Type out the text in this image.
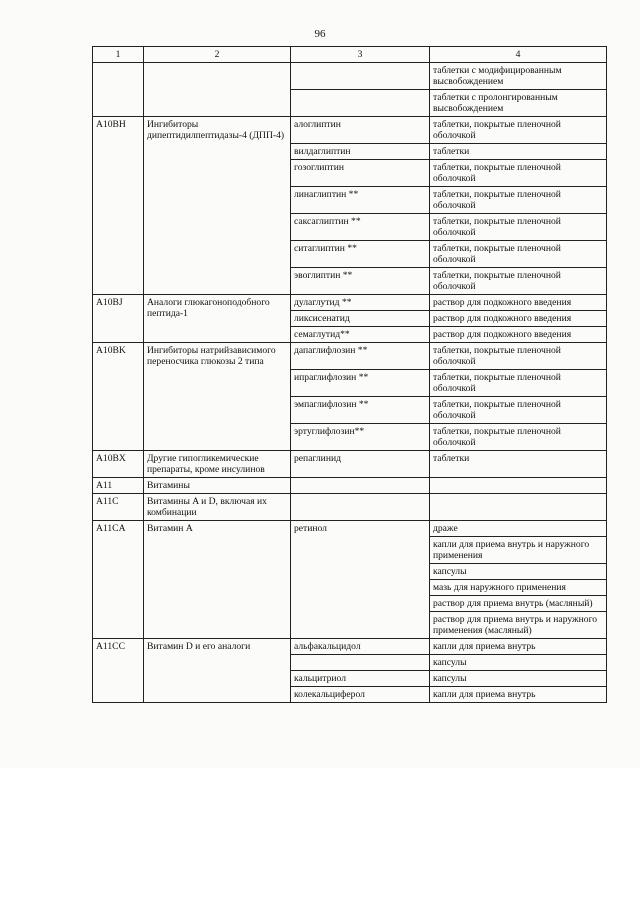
96
1	2	3	4
			таблетки с модифицированным высвобождением
			таблетки с пролонгированным высвобождением
A10BH	Ингибиторы дипептидилпептидазы-4 (ДПП-4)	алоглиптин	таблетки, покрытые пленочной оболочкой
		вилдаглиптин	таблетки
		гозоглиптин	таблетки, покрытые пленочной оболочкой
		линаглиптин **	таблетки, покрытые пленочной оболочкой
		саксаглиптин **	таблетки, покрытые пленочной оболочкой
		ситаглиптин **	таблетки, покрытые пленочной оболочкой
		эвоглиптин **	таблетки, покрытые пленочной оболочкой
A10BJ	Аналоги глюкагоноподобного пептида-1	дулаглутид **	раствор для подкожного введения
		ликсисенатид	раствор для подкожного введения
		семаглутид**	раствор для подкожного введения
A10BK	Ингибиторы натрийзависимого переносчика глюкозы 2 типа	дапаглифлозин **	таблетки, покрытые пленочной оболочкой
		ипраглифлозин **	таблетки, покрытые пленочной оболочкой
		эмпаглифлозин **	таблетки, покрытые пленочной оболочкой
		эртуглифлозин**	таблетки, покрытые пленочной оболочкой
A10BX	Другие гипогликемические препараты, кроме инсулинов	репаглинид	таблетки
A11	Витамины		
A11C	Витамины A и D, включая их комбинации		
A11CA	Витамин A	ретинол	драже
			капли для приема внутрь и наружного применения
			капсулы
			мазь для наружного применения
			раствор для приема внутрь (масляный)
			раствор для приема внутрь и наружного применения (масляный)
A11CC	Витамин D и его аналоги	альфакальцидол	капли для приема внутрь
			капсулы
		кальцитриол	капсулы
		колекальциферол	капли для приема внутрь
